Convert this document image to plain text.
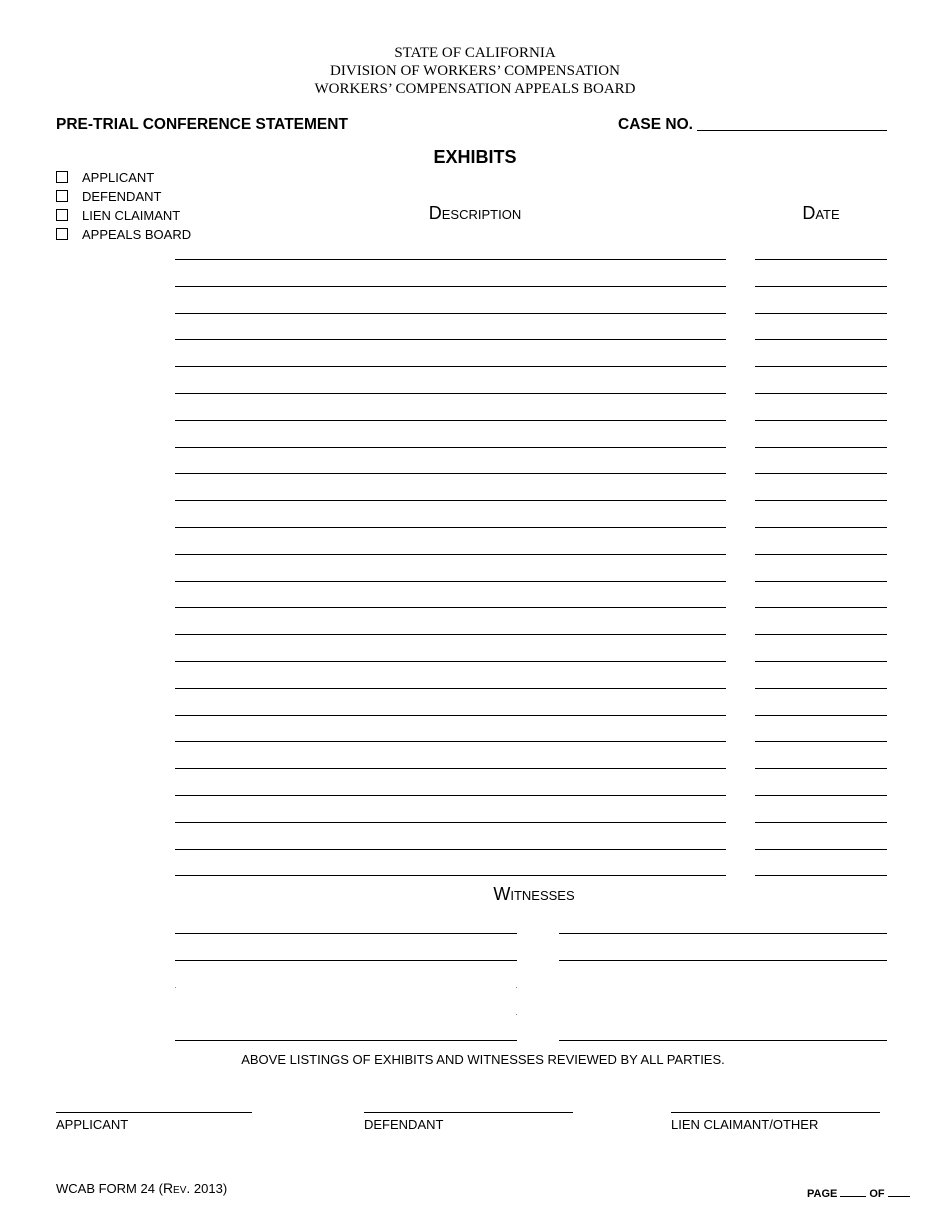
STATE OF CALIFORNIA
DIVISION OF WORKERS’ COMPENSATION
WORKERS’ COMPENSATION APPEALS BOARD
PRE-TRIAL CONFERENCE STATEMENT	CASE NO.
EXHIBITS
APPLICANT
DEFENDANT
LIEN CLAIMANT
APPEALS BOARD
Description	Date
Witnesses
ABOVE LISTINGS OF EXHIBITS AND WITNESSES REVIEWED BY ALL PARTIES.
APPLICANT	DEFENDANT	LIEN CLAIMANT/OTHER
WCAB FORM 24 (Rev. 2013)	PAGE	OF
